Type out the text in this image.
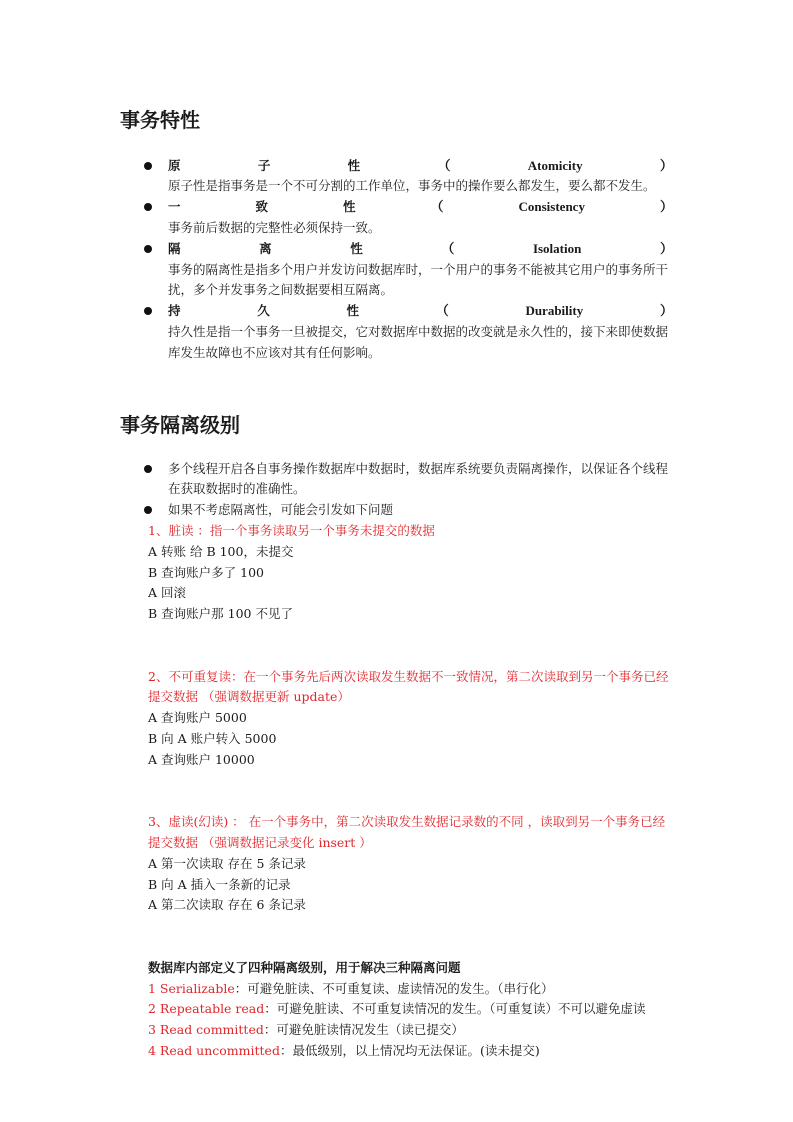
事务特性
原	子	性	（	Atomicity	）
原子性是指事务是一个不可分割的工作单位，事务中的操作要么都发生，要么都不发生。
一	致	性	（	Consistency	）
事务前后数据的完整性必须保持一致。
隔	离	性	（	Isolation	）
事务的隔离性是指多个用户并发访问数据库时，一个用户的事务不能被其它用户的事务所干扰，多个并发事务之间数据要相互隔离。
持	久	性	（	Durability	）
持久性是指一个事务一旦被提交，它对数据库中数据的改变就是永久性的，接下来即使数据库发生故障也不应该对其有任何影响。
事务隔离级别
多个线程开启各自事务操作数据库中数据时，数据库系统要负责隔离操作，以保证各个线程在获取数据时的准确性。
如果不考虑隔离性，可能会引发如下问题
1、脏读 ：指一个事务读取另一个事务未提交的数据
A 转账 给 B 100，未提交
B 查询账户多了 100
A 回滚
B 查询账户那 100 不见了
2、不可重复读：在一个事务先后两次读取发生数据不一致情况，第二次读取到另一个事务已经提交数据 （强调数据更新 update）
A 查询账户 5000
B 向 A 账户转入 5000
A 查询账户 10000
3、虚读(幻读) ： 在一个事务中，第二次读取发生数据记录数的不同 ，读取到另一个事务已经提交数据 （强调数据记录变化 insert ）
A 第一次读取 存在 5 条记录
B 向 A 插入一条新的记录
A 第二次读取 存在 6 条记录
数据库内部定义了四种隔离级别，用于解决三种隔离问题
1 Serializable：可避免脏读、不可重复读、虚读情况的发生。（串行化）
2 Repeatable read：可避免脏读、不可重复读情况的发生。（可重复读）不可以避免虚读
3 Read committed：可避免脏读情况发生（读已提交）
4 Read uncommitted：最低级别，以上情况均无法保证。(读未提交)
